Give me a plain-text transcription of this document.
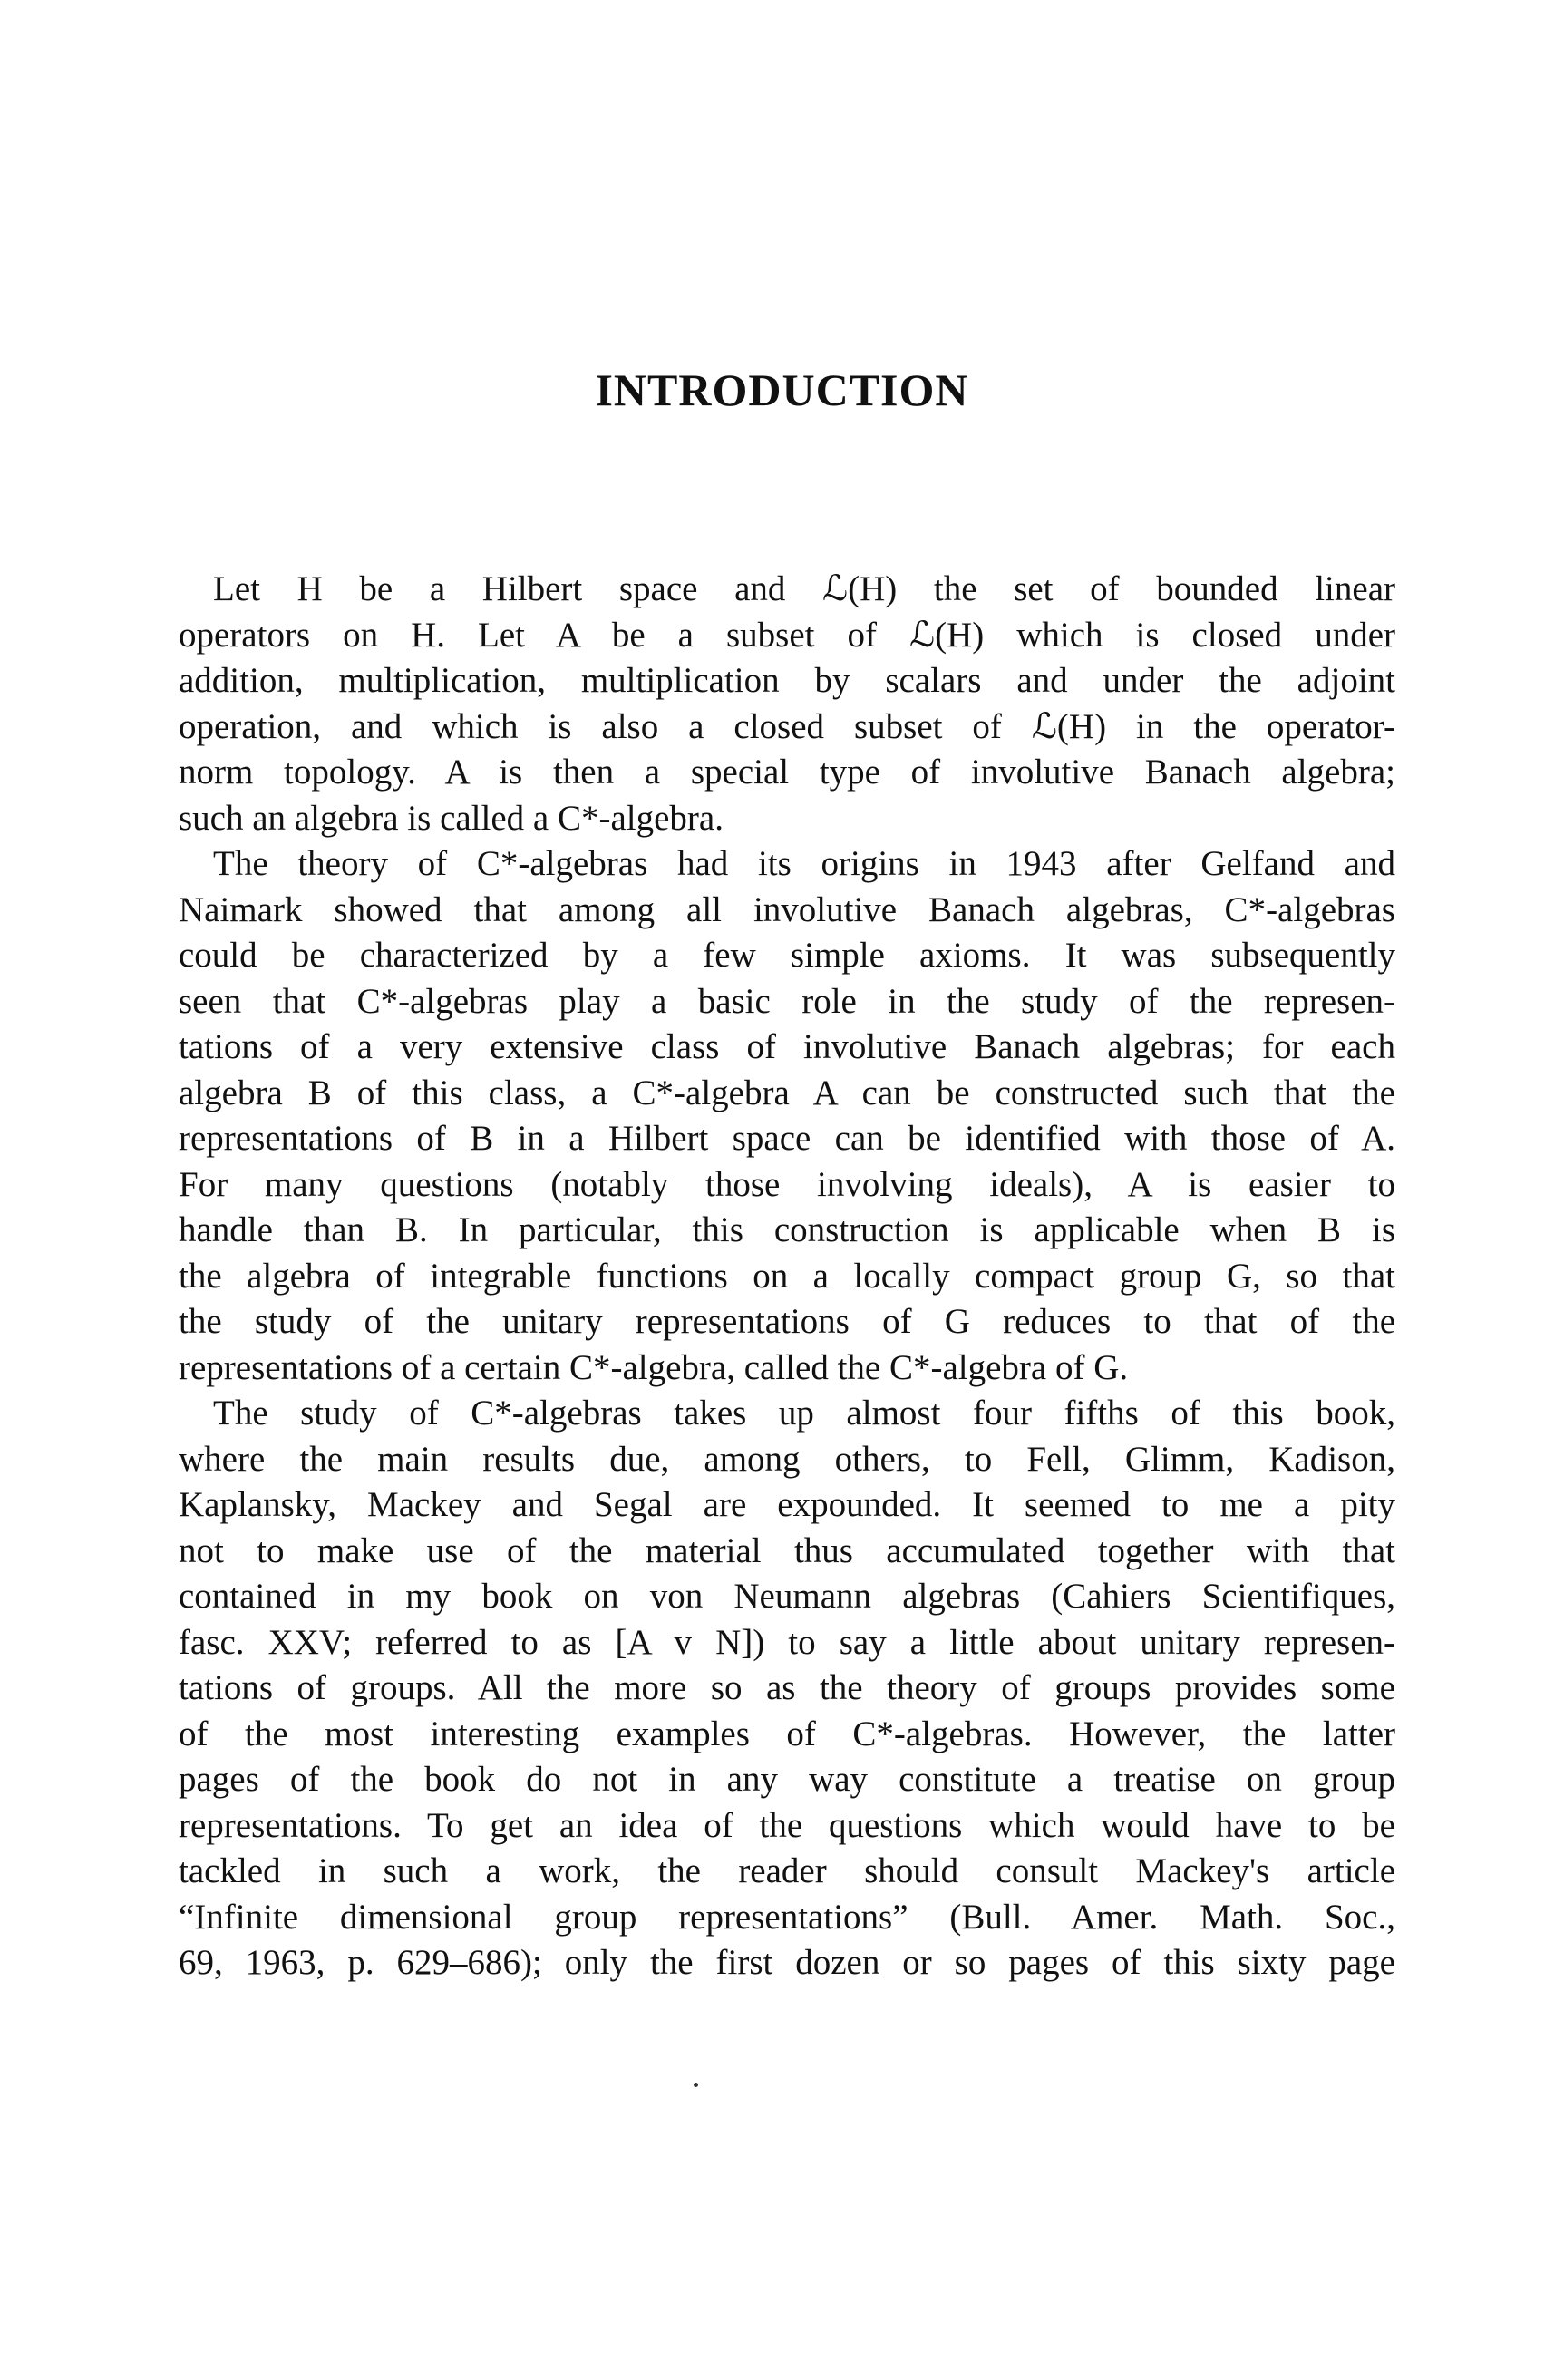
INTRODUCTION
Let H be a Hilbert space and ℒ(H) the set of bounded linear
operators on H. Let A be a subset of ℒ(H) which is closed under
addition, multiplication, multiplication by scalars and under the adjoint
operation, and which is also a closed subset of ℒ(H) in the operator-
norm topology. A is then a special type of involutive Banach algebra;
such an algebra is called a C*-algebra.
The theory of C*-algebras had its origins in 1943 after Gelfand and
Naimark showed that among all involutive Banach algebras, C*-algebras
could be characterized by a few simple axioms. It was subsequently
seen that C*-algebras play a basic role in the study of the represen-
tations of a very extensive class of involutive Banach algebras; for each
algebra B of this class, a C*-algebra A can be constructed such that the
representations of B in a Hilbert space can be identified with those of A.
For many questions (notably those involving ideals), A is easier to
handle than B. In particular, this construction is applicable when B is
the algebra of integrable functions on a locally compact group G, so that
the study of the unitary representations of G reduces to that of the
representations of a certain C*-algebra, called the C*-algebra of G.
The study of C*-algebras takes up almost four fifths of this book,
where the main results due, among others, to Fell, Glimm, Kadison,
Kaplansky, Mackey and Segal are expounded. It seemed to me a pity
not to make use of the material thus accumulated together with that
contained in my book on von Neumann algebras (Cahiers Scientifiques,
fasc. XXV; referred to as [A v N]) to say a little about unitary represen-
tations of groups. All the more so as the theory of groups provides some
of the most interesting examples of C*-algebras. However, the latter
pages of the book do not in any way constitute a treatise on group
representations. To get an idea of the questions which would have to be
tackled in such a work, the reader should consult Mackey's article
“Infinite dimensional group representations” (Bull. Amer. Math. Soc.,
69, 1963, p. 629–686); only the first dozen or so pages of this sixty page
